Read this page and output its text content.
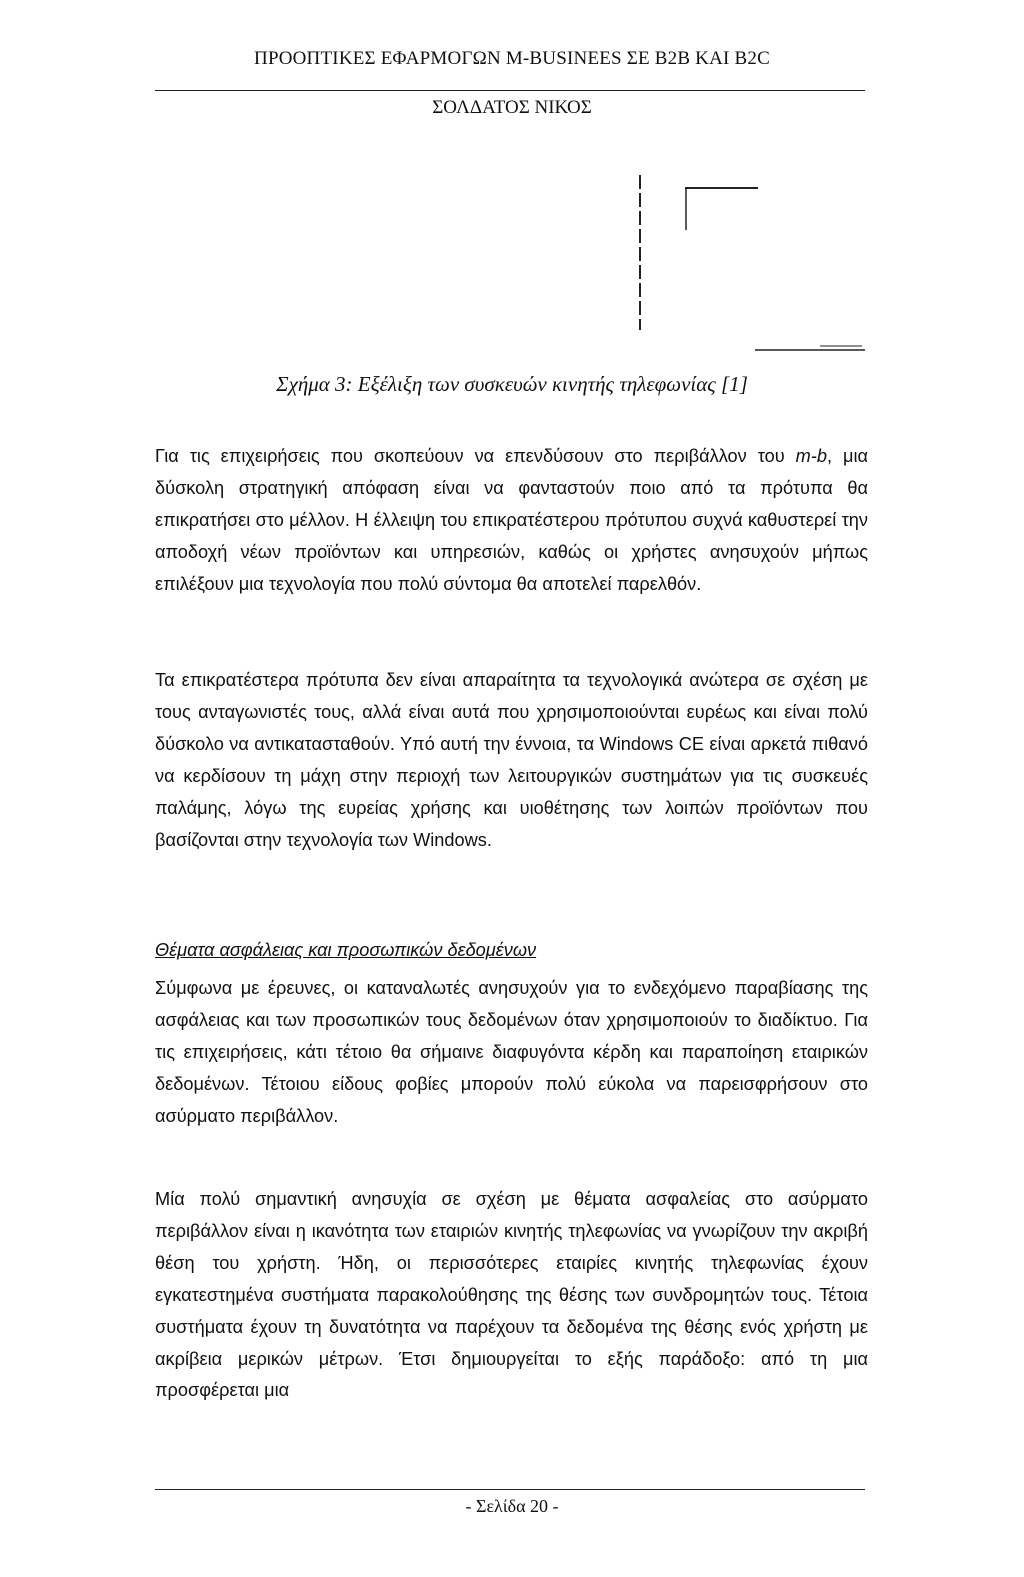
ΠΡΟΟΠΤΙΚΕΣ ΕΦΑΡΜΟΓΩΝ M-BUSINEES ΣΕ B2B ΚΑΙ B2C
ΣΟΛΔΑΤΟΣ ΝΙΚΟΣ
Σχήμα 3: Εξέλιξη των συσκευών κινητής τηλεφωνίας [1]
Για τις επιχειρήσεις που σκοπεύουν να επενδύσουν στο περιβάλλον του m-b, μια δύσκολη στρατηγική απόφαση είναι να φανταστούν ποιο από τα πρότυπα θα επικρατήσει στο μέλλον. Η έλλειψη του επικρατέστερου πρότυπου συχνά καθυστερεί την αποδοχή νέων προϊόντων και υπηρεσιών, καθώς οι χρήστες ανησυχούν μήπως επιλέξουν μια τεχνολογία που πολύ σύντομα θα αποτελεί παρελθόν.
Τα επικρατέστερα πρότυπα δεν είναι απαραίτητα τα τεχνολογικά ανώτερα σε σχέση με τους ανταγωνιστές τους, αλλά είναι αυτά που χρησιμοποιούνται ευρέως και είναι πολύ δύσκολο να αντικατασταθούν. Υπό αυτή την έννοια, τα Windows CE είναι αρκετά πιθανό να κερδίσουν τη μάχη στην περιοχή των λειτουργικών συστημάτων για τις συσκευές παλάμης, λόγω της ευρείας χρήσης και υιοθέτησης των λοιπών προϊόντων που βασίζονται στην τεχνολογία των Windows.
Θέματα ασφάλειας και προσωπικών δεδομένων
Σύμφωνα με έρευνες, οι καταναλωτές ανησυχούν για το ενδεχόμενο παραβίασης της ασφάλειας και των προσωπικών τους δεδομένων όταν χρησιμοποιούν το διαδίκτυο. Για τις επιχειρήσεις, κάτι τέτοιο θα σήμαινε διαφυγόντα κέρδη και παραποίηση εταιρικών δεδομένων. Τέτοιου είδους φοβίες μπορούν πολύ εύκολα να παρεισφρήσουν στο ασύρματο περιβάλλον.
Μία πολύ σημαντική ανησυχία σε σχέση με θέματα ασφαλείας στο ασύρματο περιβάλλον είναι η ικανότητα των εταιριών κινητής τηλεφωνίας να γνωρίζουν την ακριβή θέση του χρήστη. Ήδη, οι περισσότερες εταιρίες κινητής τηλεφωνίας έχουν εγκατεστημένα συστήματα παρακολούθησης της θέσης των συνδρομητών τους. Τέτοια συστήματα έχουν τη δυνατότητα να παρέχουν τα δεδομένα της θέσης ενός χρήστη με ακρίβεια μερικών μέτρων. Έτσι δημιουργείται το εξής παράδοξο: από τη μια προσφέρεται μια
- Σελίδα 20 -
